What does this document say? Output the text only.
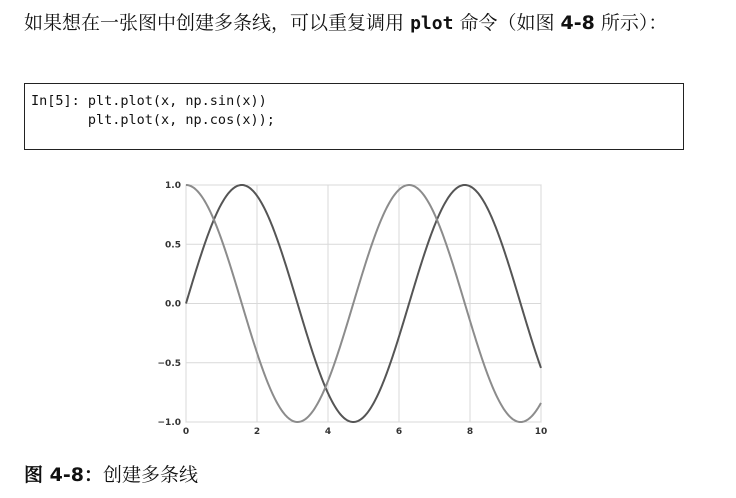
如果想在一张图中创建多条线，可以重复调用 plot 命令（如图 4-8 所示）：

In[5]: plt.plot(x, np.sin(x))
plt.plot(x, np.cos(x));
0	2	4	6	8	10
−1.0
−0.5
0.0
0.5
1.0
图 4-8：创建多条线
